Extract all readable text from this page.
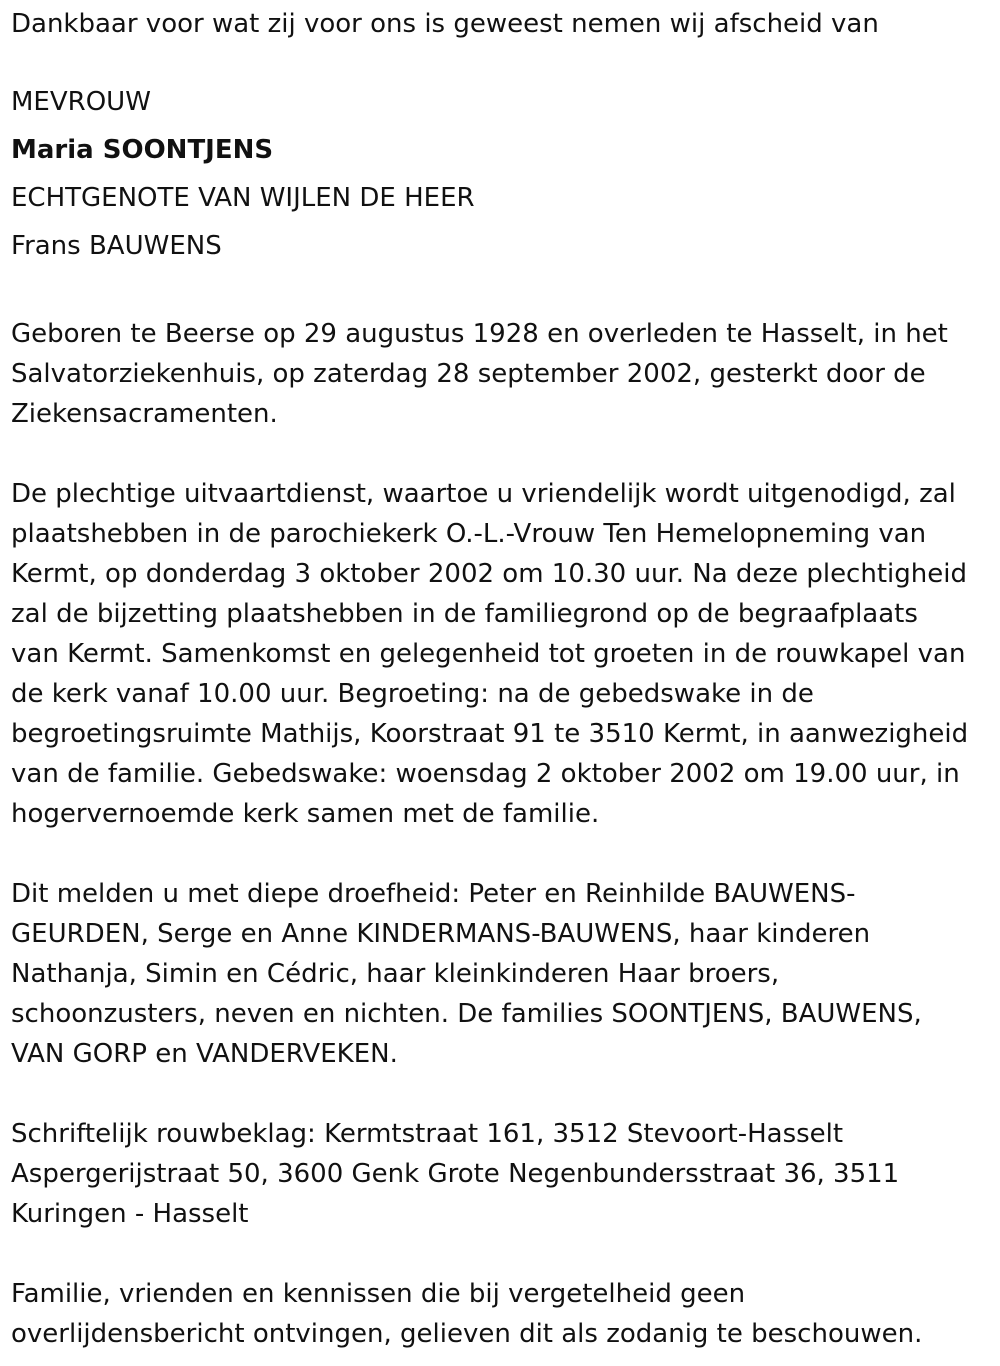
Dankbaar voor wat zij voor ons is geweest nemen wij afscheid van

MEVROUW

Maria SOONTJENS

ECHTGENOTE VAN WIJLEN DE HEER

Frans BAUWENS

Geboren te Beerse op 29 augustus 1928 en overleden te Hasselt, in het

Salvatorziekenhuis, op zaterdag 28 september 2002, gesterkt door de

Ziekensacramenten.

De plechtige uitvaartdienst, waartoe u vriendelijk wordt uitgenodigd, zal

plaatshebben in de parochiekerk O.-L.-Vrouw Ten Hemelopneming van

Kermt, op donderdag 3 oktober 2002 om 10.30 uur. Na deze plechtigheid

zal de bijzetting plaatshebben in de familiegrond op de begraafplaats

van Kermt. Samenkomst en gelegenheid tot groeten in de rouwkapel van

de kerk vanaf 10.00 uur. Begroeting: na de gebedswake in de

begroetingsruimte Mathijs, Koorstraat 91 te 3510 Kermt, in aanwezigheid

van de familie. Gebedswake: woensdag 2 oktober 2002 om 19.00 uur, in

hogervernoemde kerk samen met de familie.

Dit melden u met diepe droefheid: Peter en Reinhilde BAUWENS-

GEURDEN, Serge en Anne KINDERMANS-BAUWENS, haar kinderen

Nathanja, Simin en Cédric, haar kleinkinderen Haar broers,

schoonzusters, neven en nichten. De families SOONTJENS, BAUWENS,

VAN GORP en VANDERVEKEN.

Schriftelijk rouwbeklag: Kermtstraat 161, 3512 Stevoort-Hasselt

Aspergerijstraat 50, 3600 Genk Grote Negenbundersstraat 36, 3511

Kuringen - Hasselt

Familie, vrienden en kennissen die bij vergetelheid geen

overlijdensbericht ontvingen, gelieven dit als zodanig te beschouwen.
